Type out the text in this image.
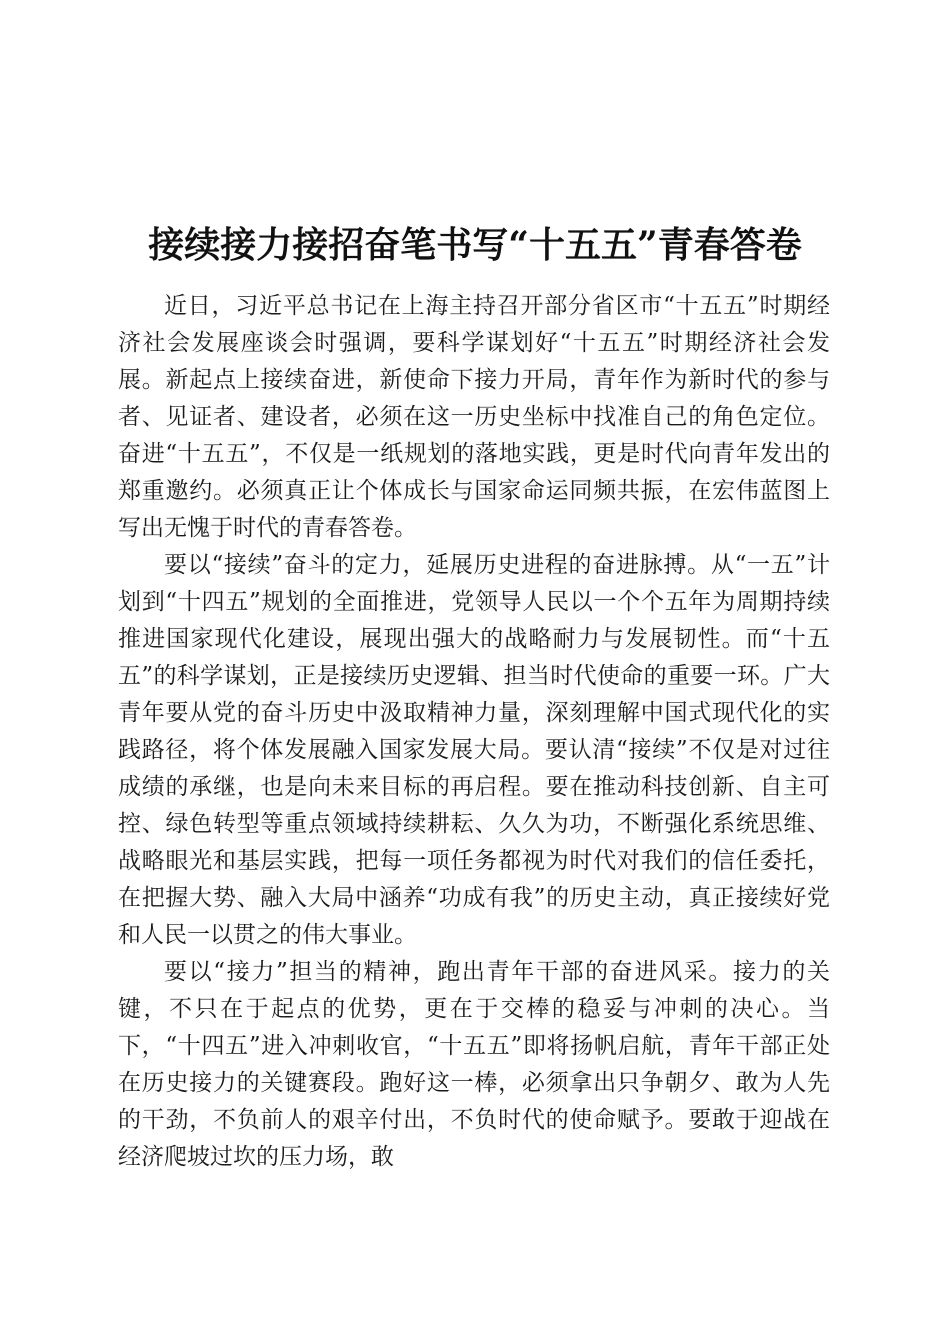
接续接力接招奋笔书写“十五五”青春答卷

近日，习近平总书记在上海主持召开部分省区市“十五五”时期经济社会发展座谈会时强调，要科学谋划好“十五五”时期经济社会发展。新起点上接续奋进，新使命下接力开局，青年作为新时代的参与者、见证者、建设者，必须在这一历史坐标中找准自己的角色定位。奋进“十五五”，不仅是一纸规划的落地实践，更是时代向青年发出的郑重邀约。必须真正让个体成长与国家命运同频共振，在宏伟蓝图上写出无愧于时代的青春答卷。

要以“接续”奋斗的定力，延展历史进程的奋进脉搏。从“一五”计划到“十四五”规划的全面推进，党领导人民以一个个五年为周期持续推进国家现代化建设，展现出强大的战略耐力与发展韧性。而“十五五”的科学谋划，正是接续历史逻辑、担当时代使命的重要一环。广大青年要从党的奋斗历史中汲取精神力量，深刻理解中国式现代化的实践路径，将个体发展融入国家发展大局。要认清“接续”不仅是对过往成绩的承继，也是向未来目标的再启程。要在推动科技创新、自主可控、绿色转型等重点领域持续耕耘、久久为功，不断强化系统思维、战略眼光和基层实践，把每一项任务都视为时代对我们的信任委托，在把握大势、融入大局中涵养“功成有我”的历史主动，真正接续好党和人民一以贯之的伟大事业。

要以“接力”担当的精神，跑出青年干部的奋进风采。接力的关键，不只在于起点的优势，更在于交棒的稳妥与冲刺的决心。当下，“十四五”进入冲刺收官，“十五五”即将扬帆启航，青年干部正处在历史接力的关键赛段。跑好这一棒，必须拿出只争朝夕、敢为人先的干劲，不负前人的艰辛付出，不负时代的使命赋予。要敢于迎战在经济爬坡过坎的压力场，敢
